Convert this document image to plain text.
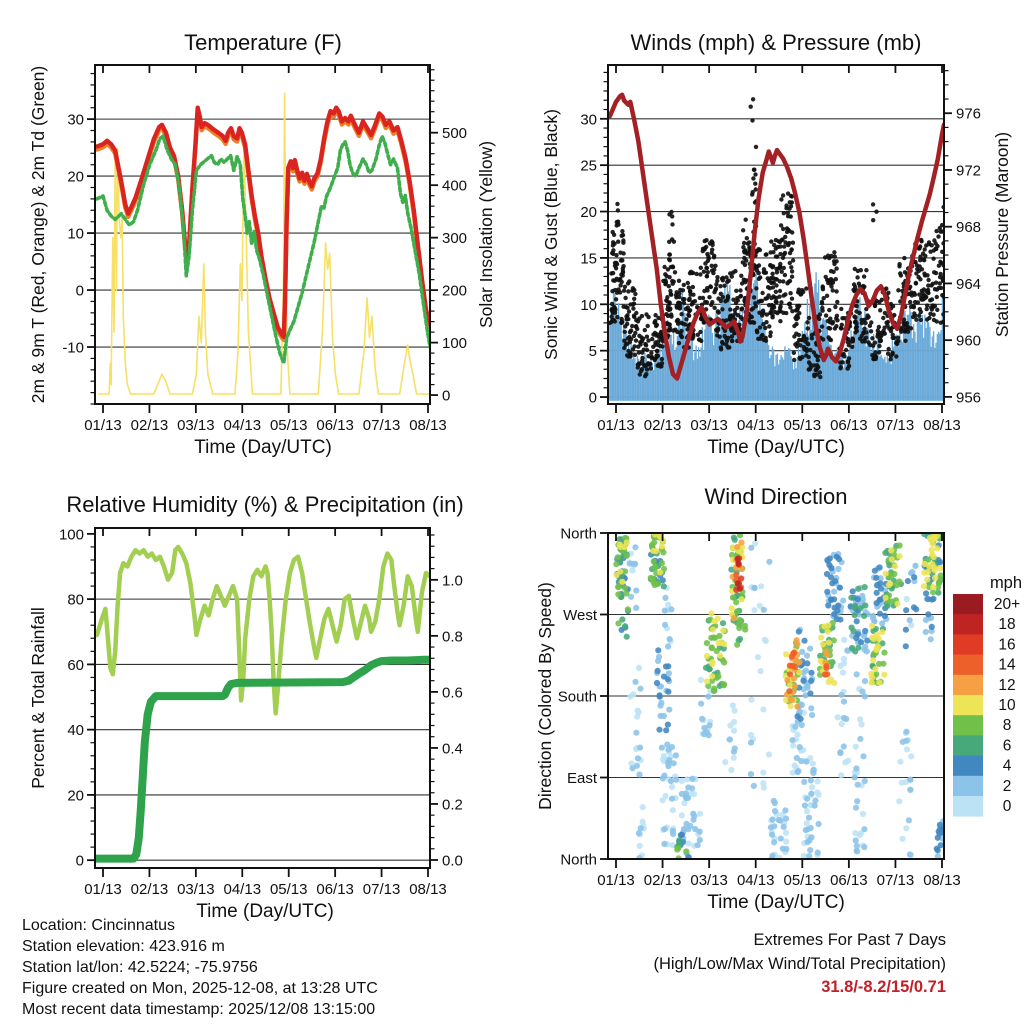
Temperature (F)
2m & 9m T (Red, Orange) & 2m Td (Green)	Solar Insolation (Yellow)
Time (Day/UTC)
-10
0
10
20
30
0
100
200
300
400
500
01/13 02/13 03/13 04/13 05/13 06/13 07/13 08/13
Winds (mph) & Pressure (mb)
Sonic Wind & Gust (Blue, Black)	Station Pressure (Maroon)
Time (Day/UTC)
0
5
10
15
20
25
30
956
960
964
968
972
976
01/13 02/13 03/13 04/13 05/13 06/13 07/13 08/13
Relative Humidity (%) & Precipitation (in)
Percent & Total Rainfall
Time (Day/UTC)
0
20
40
60
80
100
0.0
0.2
0.4
0.6
0.8
1.0
01/13 02/13 03/13 04/13 05/13 06/13 07/13 08/13
Wind Direction
Direction (Colored By Speed)
Time (Day/UTC)
North
East
South
West
North
01/13 02/13 03/13 04/13 05/13 06/13 07/13 08/13
mph
20+
18
16
14
12
10
8
6
4
2
0
Location: Cincinnatus
Station elevation: 423.916 m
Station lat/lon: 42.5224; -75.9756
Figure created on Mon, 2025-12-08, at 13:28 UTC
Most recent data timestamp: 2025/12/08 13:15:00
Extremes For Past 7 Days
(High/Low/Max Wind/Total Precipitation)
31.8/-8.2/15/0.71
